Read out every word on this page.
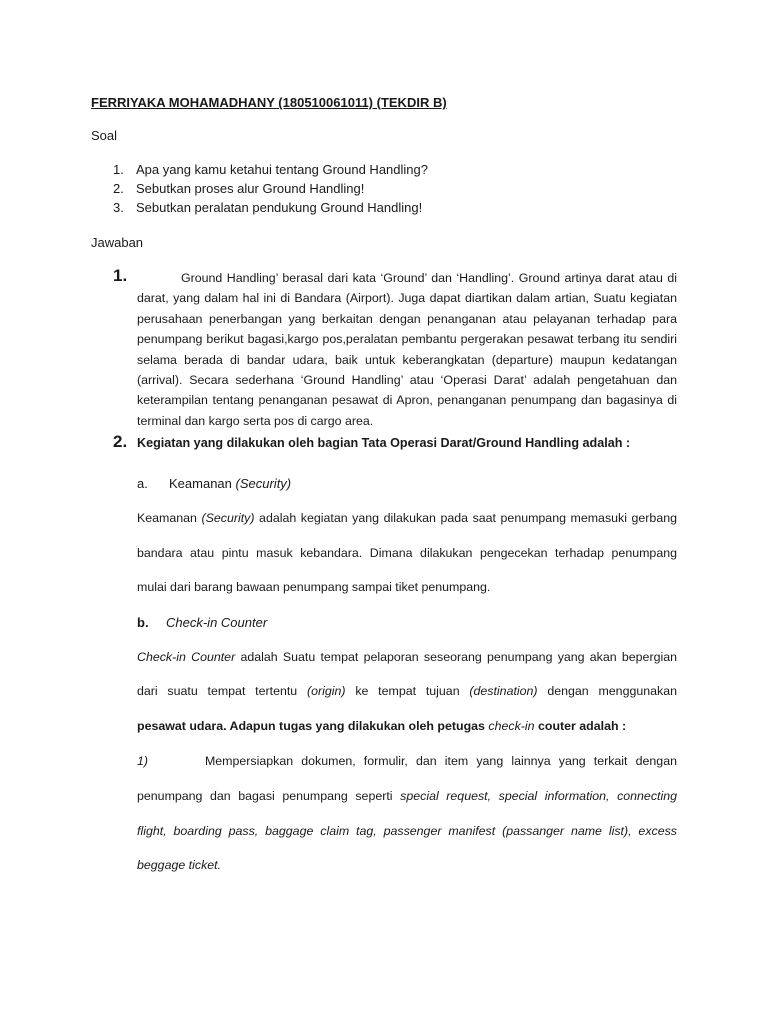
FERRIYAKA MOHAMADHANY (180510061011) (TEKDIR B)
Soal
1. Apa yang kamu ketahui tentang Ground Handling?
2. Sebutkan proses alur Ground Handling!
3. Sebutkan peralatan pendukung Ground Handling!
Jawaban
1.	Ground Handling’ berasal dari kata ‘Ground’ dan ‘Handling’. Ground artinya darat atau di darat, yang dalam hal ini di Bandara (Airport). Juga dapat diartikan dalam artian, Suatu kegiatan perusahaan penerbangan yang berkaitan dengan penanganan atau pelayanan terhadap para penumpang berikut bagasi,kargo pos,peralatan pembantu pergerakan pesawat terbang itu sendiri selama berada di bandar udara, baik untuk keberangkatan (departure) maupun kedatangan (arrival). Secara sederhana ‘Ground Handling’ atau ‘Operasi Darat’ adalah pengetahuan dan keterampilan tentang penanganan pesawat di Apron, penanganan penumpang dan bagasinya di terminal dan kargo serta pos di cargo area.
2. Kegiatan yang dilakukan oleh bagian Tata Operasi Darat/Ground Handling adalah :
a. Keamanan (Security)
Keamanan (Security) adalah kegiatan yang dilakukan pada saat penumpang memasuki gerbang
bandara atau pintu masuk kebandara. Dimana dilakukan pengecekan terhadap penumpang
mulai dari barang bawaan penumpang sampai tiket penumpang.
b. Check-in Counter
Check-in Counter adalah Suatu tempat pelaporan seseorang penumpang yang akan bepergian
dari suatu tempat tertentu (origin) ke tempat tujuan (destination) dengan menggunakan
pesawat udara. Adapun tugas yang dilakukan oleh petugas check-in couter adalah :
1)	Mempersiapkan dokumen, formulir, dan item yang lainnya yang terkait dengan
penumpang dan bagasi penumpang seperti special request, special information, connecting
flight, boarding pass, baggage claim tag, passenger manifest (passanger name list), excess
beggage ticket.
